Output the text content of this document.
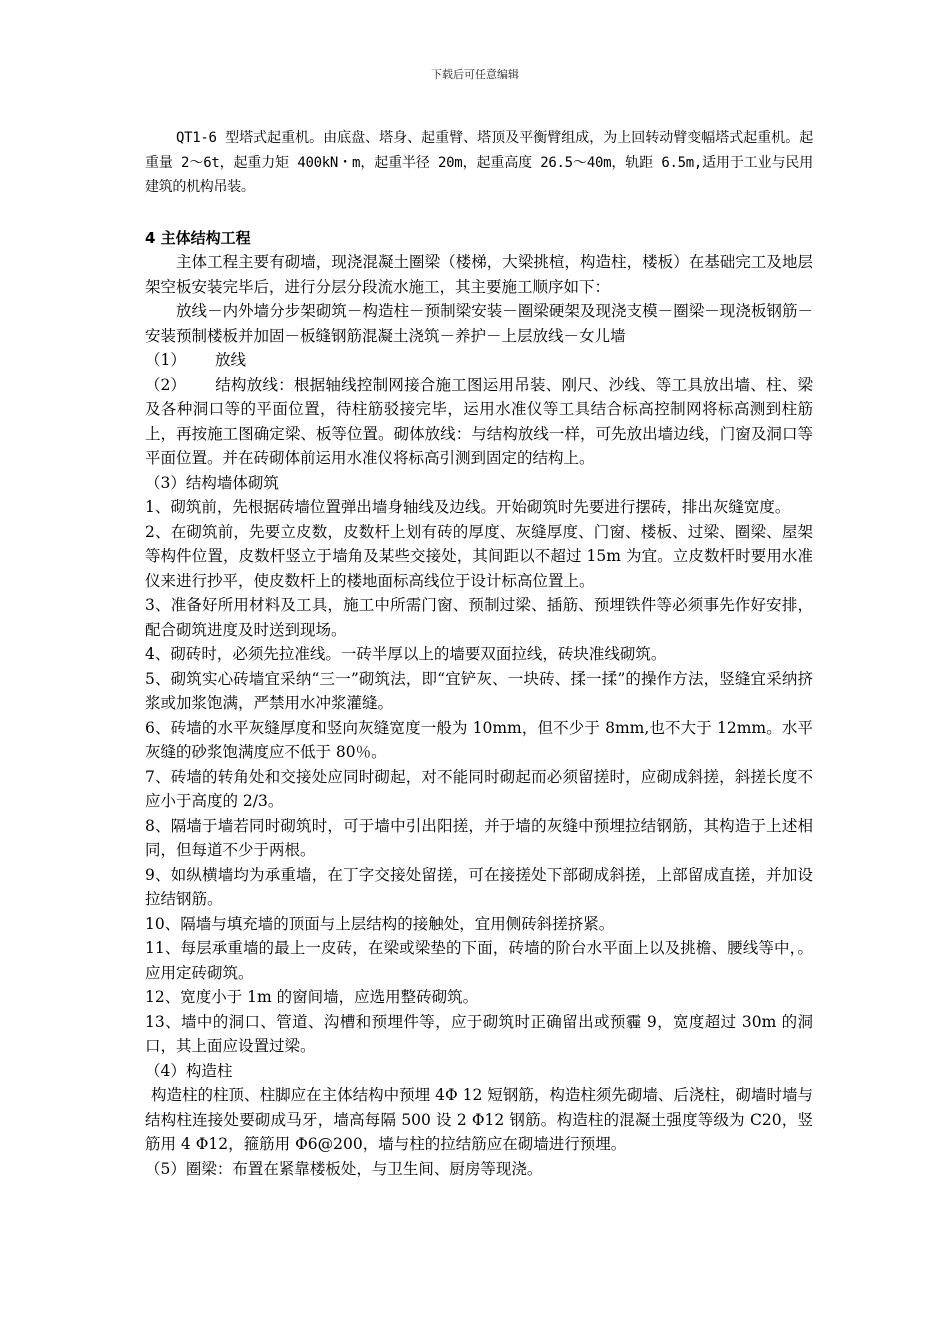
下载后可任意编辑

QT1-6 型塔式起重机。由底盘、塔身、起重臂、塔顶及平衡臂组成，为上回转动臂变幅塔式起重机。起重量 2～6t，起重力矩 400kN・m，起重半径 20m，起重高度 26.5～40m，轨距 6.5m,适用于工业与民用建筑的机构吊装。

4 主体结构工程

主体工程主要有砌墙，现浇混凝土圈梁（楼梯，大梁挑楦，构造柱，楼板）在基础完工及地层架空板安装完毕后，进行分层分段流水施工，其主要施工顺序如下：

放线－内外墙分步架砌筑－构造柱－预制梁安装－圈梁硬架及现浇支模－圈梁－现浇板钢筋－安装预制楼板并加固－板缝钢筋混凝土浇筑－养护－上层放线－女儿墙

（1） 放线

（2） 结构放线：根据轴线控制网接合施工图运用吊装、刚尺、沙线、等工具放出墙、柱、梁及各种洞口等的平面位置，待柱筋驳接完毕，运用水准仪等工具结合标高控制网将标高测到柱筋上，再按施工图确定梁、板等位置。砌体放线：与结构放线一样，可先放出墙边线，门窗及洞口等平面位置。并在砖砌体前运用水准仪将标高引测到固定的结构上。

（3）结构墙体砌筑

1、砌筑前，先根据砖墙位置弹出墙身轴线及边线。开始砌筑时先要进行摆砖，排出灰缝宽度。

2、在砌筑前，先要立皮数，皮数杆上划有砖的厚度、灰缝厚度、门窗、楼板、过梁、圈梁、屋架等构件位置，皮数杆竖立于墙角及某些交接处，其间距以不超过 15m 为宜。立皮数杆时要用水准仪来进行抄平，使皮数杆上的楼地面标高线位于设计标高位置上。

3、准备好所用材料及工具，施工中所需门窗、预制过梁、插筋、预埋铁件等必须事先作好安排，配合砌筑进度及时送到现场。

4、砌砖时，必须先拉准线。一砖半厚以上的墙要双面拉线，砖块准线砌筑。

5、砌筑实心砖墙宜采纳“三一”砌筑法，即“宜铲灰、一块砖、揉一揉”的操作方法，竖缝宜采纳挤浆或加浆饱满，严禁用水冲浆灌缝。

6、砖墙的水平灰缝厚度和竖向灰缝宽度一般为 10mm，但不少于 8mm,也不大于 12mm。水平灰缝的砂浆饱满度应不低于 80％。

7、砖墙的转角处和交接处应同时砌起，对不能同时砌起而必须留搓时，应砌成斜搓，斜搓长度不应小于高度的 2/3。

8、隔墙于墙若同时砌筑时，可于墙中引出阳搓，并于墙的灰缝中预埋拉结钢筋，其构造于上述相同，但每道不少于两根。

9、如纵横墙均为承重墙，在丁字交接处留搓，可在接搓处下部砌成斜搓，上部留成直搓，并加设拉结钢筋。

10、隔墙与填充墙的顶面与上层结构的接触处，宜用侧砖斜搓挤紧。

11、每层承重墙的最上一皮砖，在梁或梁垫的下面，砖墙的阶台水平面上以及挑檐、腰线等中，。应用定砖砌筑。

12、宽度小于 1m 的窗间墙，应选用整砖砌筑。

13、墙中的洞口、管道、沟槽和预埋件等，应于砌筑时正确留出或预霾 9，宽度超过 30m 的洞口，其上面应设置过梁。

（4）构造柱

构造柱的柱顶、柱脚应在主体结构中预埋 4Φ 12 短钢筋，构造柱须先砌墙、后浇柱，砌墙时墙与结构柱连接处要砌成马牙，墙高每隔 500 设 2 Φ12 钢筋。构造柱的混凝土强度等级为 C20，竖筋用 4 Φ12，箍筋用 Φ6@200，墙与柱的拉结筋应在砌墙进行预埋。

（5）圈梁：布置在紧靠楼板处，与卫生间、厨房等现浇。
